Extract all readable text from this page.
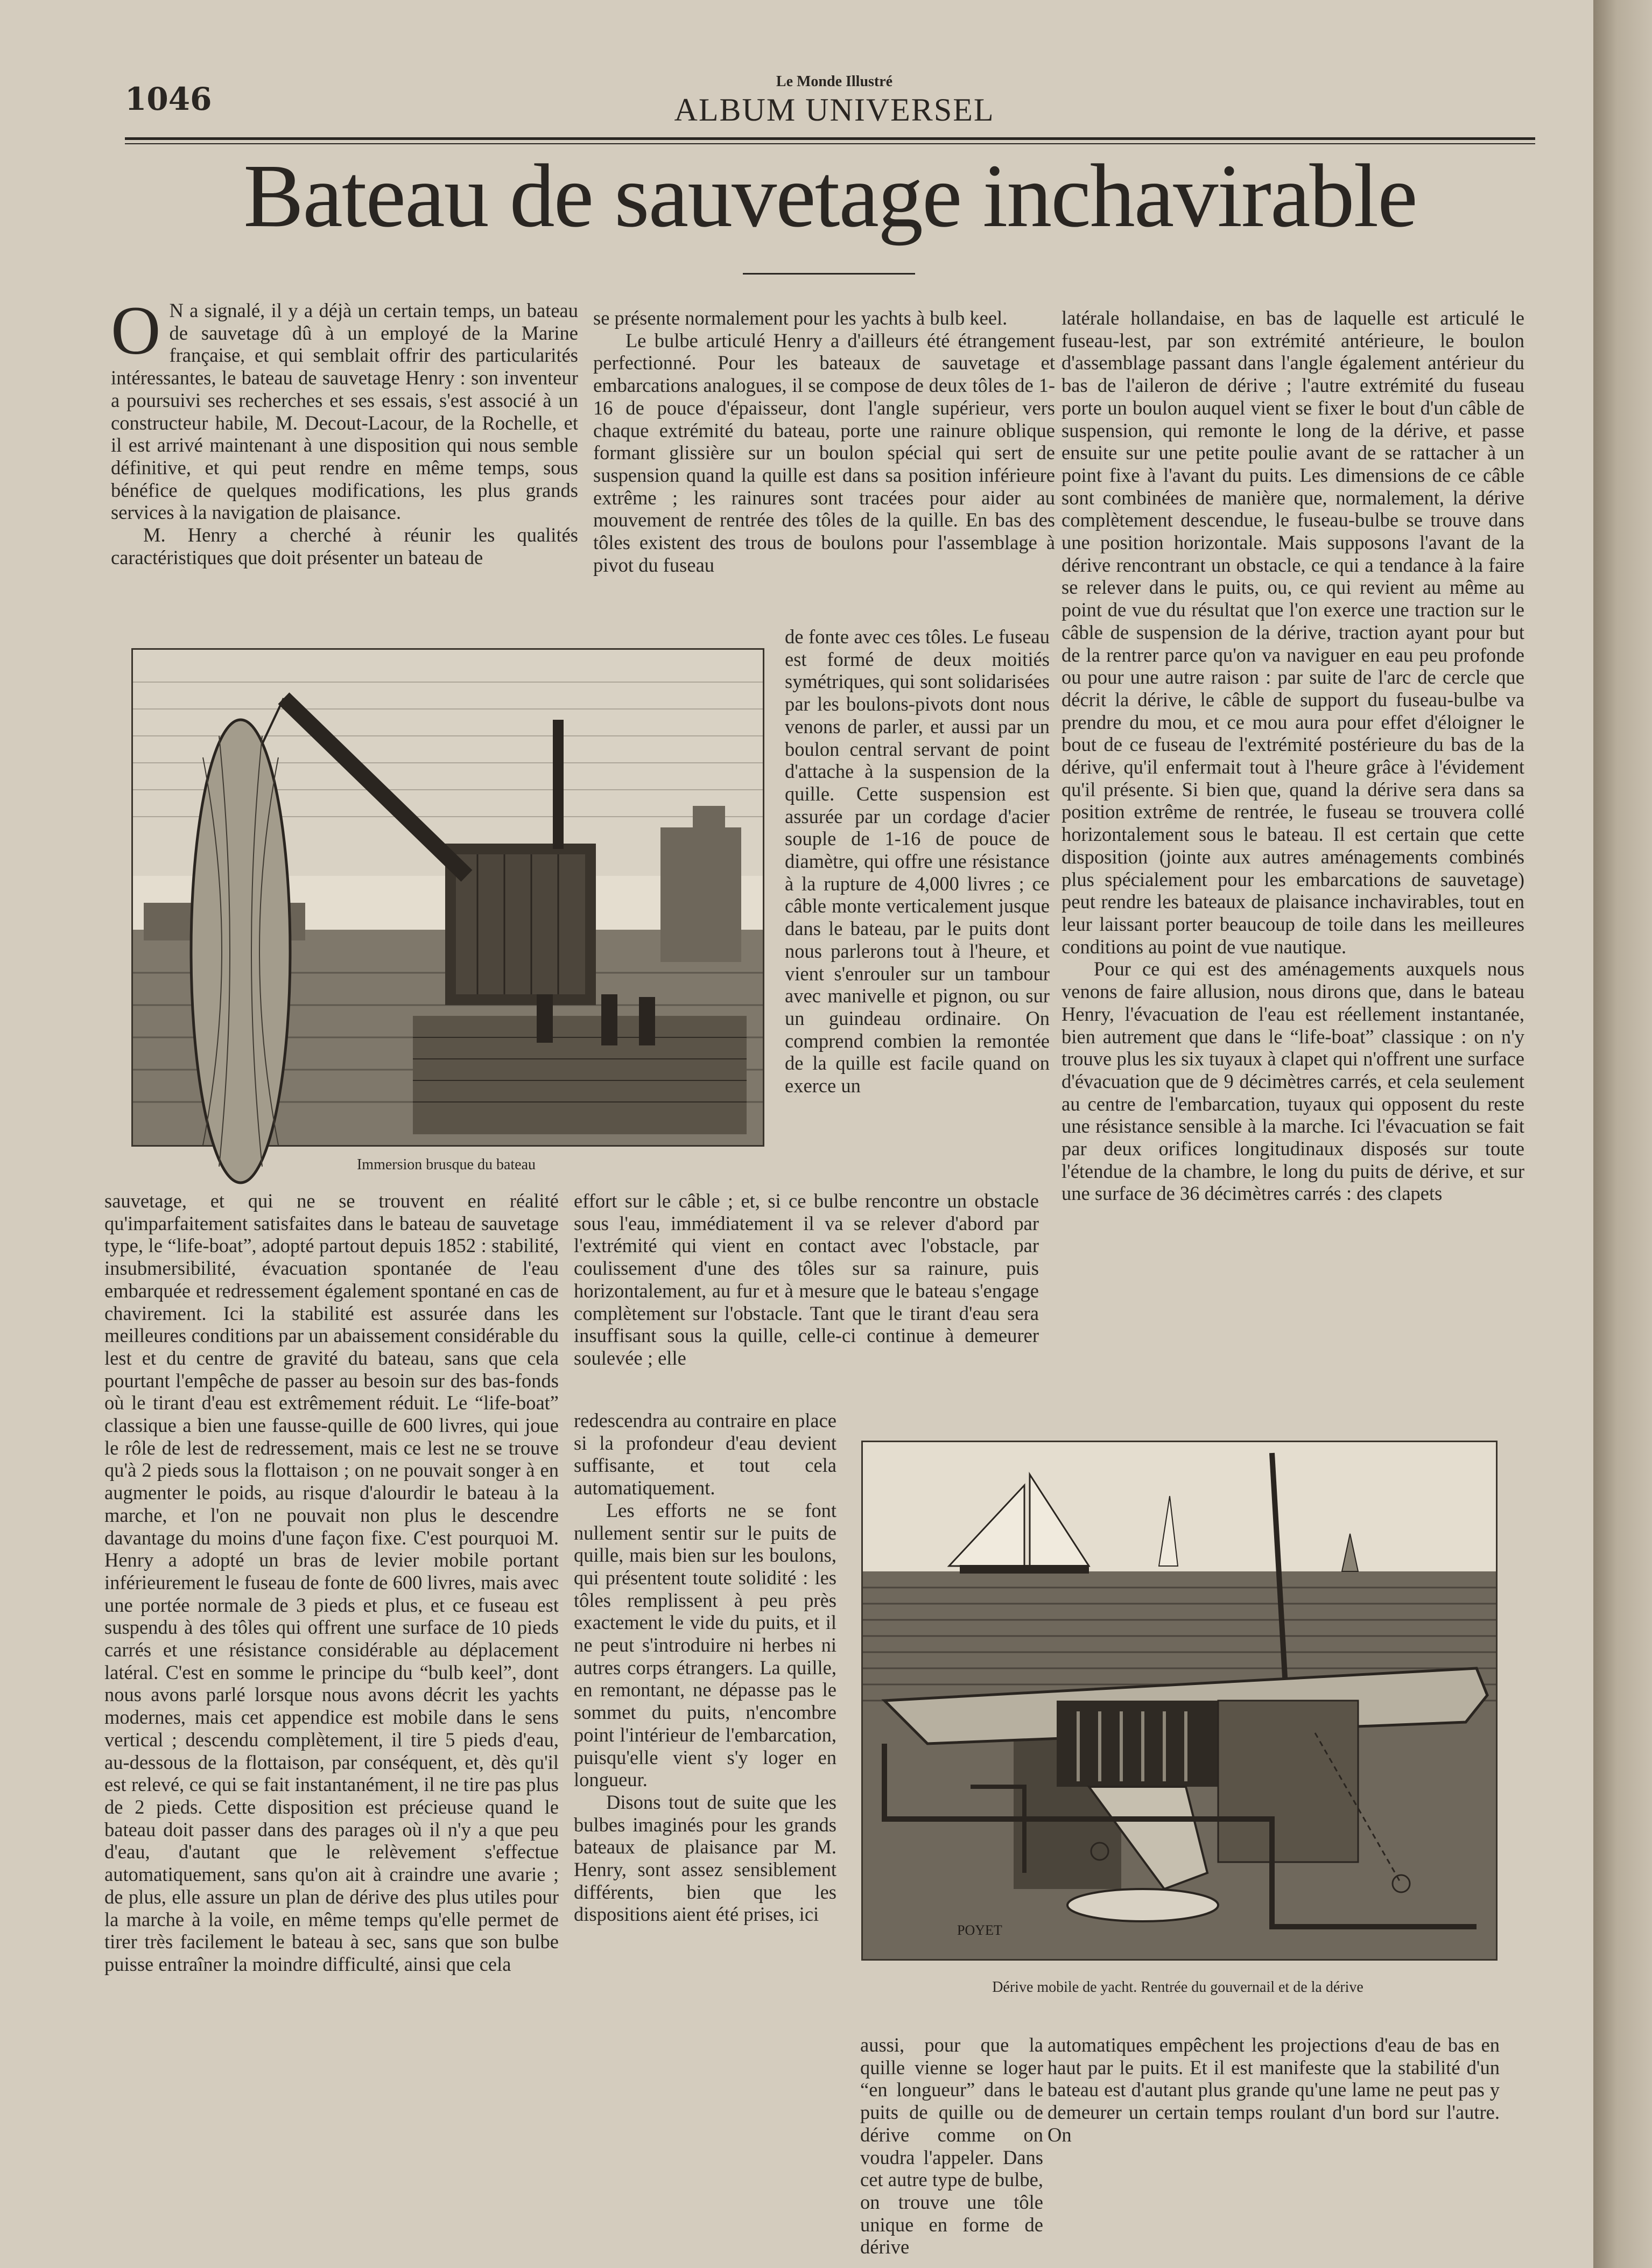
1046	Le Monde Illustré
ALBUM UNIVERSEL
Bateau de sauvetage inchavirable
O N a signalé, il y a déjà un certain temps, un bateau de sauvetage dû à un employé de la Marine française, et qui semblait offrir des particularités intéressantes, le bateau de sauvetage Henry : son inventeur a poursuivi ses recherches et ses essais, s'est associé à un constructeur habile, M. Decout-Lacour, de la Rochelle, et il est arrivé maintenant à une disposition qui nous semble définitive, et qui peut rendre en même temps, sous bénéfice de quelques modifications, les plus grands services à la navigation de plaisance.

M. Henry a cherché à réunir les qualités caractéristiques que doit présenter un bateau de

se présente normalement pour les yachts à bulb keel.

Le bulbe articulé Henry a d'ailleurs été étrangement perfectionné. Pour les bateaux de sauvetage et embarcations analogues, il se compose de deux tôles de 1-16 de pouce d'épaisseur, dont l'angle supérieur, vers chaque extrémité du bateau, porte une rainure oblique formant glissière sur un boulon spécial qui sert de suspension quand la quille est dans sa position inférieure extrême ; les rainures sont tracées pour aider au mouvement de rentrée des tôles de la quille. En bas des tôles existent des trous de boulons pour l'assemblage à pivot du fuseau

Immersion brusque du bateau

de fonte avec ces tôles. Le fuseau est formé de deux moitiés symétriques, qui sont solidarisées par les boulons-pivots dont nous venons de parler, et aussi par un boulon central servant de point d'attache à la suspension de la quille. Cette suspension est assurée par un cordage d'acier souple de 1-16 de pouce de diamètre, qui offre une résistance à la rupture de 4,000 livres ; ce câble monte verticalement jusque dans le bateau, par le puits dont nous parlerons tout à l'heure, et vient s'enrouler sur un tambour avec manivelle et pignon, ou sur un guindeau ordinaire. On comprend combien la remontée de la quille est facile quand on exerce un

latérale hollandaise, en bas de laquelle est articulé le fuseau-lest, par son extrémité antérieure, le boulon d'assemblage passant dans l'angle également antérieur du bas de l'aileron de dérive ; l'autre extrémité du fuseau porte un boulon auquel vient se fixer le bout d'un câble de suspension, qui remonte le long de la dérive, et passe ensuite sur une petite poulie avant de se rattacher à un point fixe à l'avant du puits. Les dimensions de ce câble sont combinées de manière que, normalement, la dérive complètement descendue, le fuseau-bulbe se trouve dans une position horizontale. Mais supposons l'avant de la dérive rencontrant un obstacle, ce qui a tendance à la faire se relever dans le puits, ou, ce qui revient au même au point de vue du résultat que l'on exerce une traction sur le câble de suspension de la dérive, traction ayant pour but de la rentrer parce qu'on va naviguer en eau peu profonde ou pour une autre raison : par suite de l'arc de cercle que décrit la dérive, le câble de support du fuseau-bulbe va prendre du mou, et ce mou aura pour effet d'éloigner le bout de ce fuseau de l'extrémité postérieure du bas de la dérive, qu'il enfermait tout à l'heure grâce à l'évidement qu'il présente. Si bien que, quand la dérive sera dans sa position extrême de rentrée, le fuseau se trouvera collé horizontalement sous le bateau. Il est certain que cette disposition (jointe aux autres aménagements combinés plus spécialement pour les embarcations de sauvetage) peut rendre les bateaux de plaisance inchavirables, tout en leur laissant porter beaucoup de toile dans les meilleures conditions au point de vue nautique.

Pour ce qui est des aménagements auxquels nous venons de faire allusion, nous dirons que, dans le bateau Henry, l'évacuation de l'eau est réellement instantanée, bien autrement que dans le “life-boat” classique : on n'y trouve plus les six tuyaux à clapet qui n'offrent une surface d'évacuation que de 9 décimètres carrés, et cela seulement au centre de l'embarcation, tuyaux qui opposent du reste une résistance sensible à la marche. Ici l'évacuation se fait par deux orifices longitudinaux disposés sur toute l'étendue de la chambre, le long du puits de dérive, et sur une surface de 36 décimètres carrés : des clapets

sauvetage, et qui ne se trouvent en réalité qu'imparfaitement satisfaites dans le bateau de sauvetage type, le “life-boat”, adopté partout depuis 1852 : stabilité, insubmersibilité, évacuation spontanée de l'eau embarquée et redressement également spontané en cas de chavirement. Ici la stabilité est assurée dans les meilleures conditions par un abaissement considérable du lest et du centre de gravité du bateau, sans que cela pourtant l'empêche de passer au besoin sur des bas-fonds où le tirant d'eau est extrêmement réduit. Le “life-boat” classique a bien une fausse-quille de 600 livres, qui joue le rôle de lest de redressement, mais ce lest ne se trouve qu'à 2 pieds sous la flottaison ; on ne pouvait songer à en augmenter le poids, au risque d'alourdir le bateau à la marche, et l'on ne pouvait non plus le descendre davantage du moins d'une façon fixe. C'est pourquoi M. Henry a adopté un bras de levier mobile portant inférieurement le fuseau de fonte de 600 livres, mais avec une portée normale de 3 pieds et plus, et ce fuseau est suspendu à des tôles qui offrent une surface de 10 pieds carrés et une résistance considérable au déplacement latéral. C'est en somme le principe du “bulb keel”, dont nous avons parlé lorsque nous avons décrit les yachts modernes, mais cet appendice est mobile dans le sens vertical ; descendu complètement, il tire 5 pieds d'eau, au-dessous de la flottaison, par conséquent, et, dès qu'il est relevé, ce qui se fait instantanément, il ne tire pas plus de 2 pieds. Cette disposition est précieuse quand le bateau doit passer dans des parages où il n'y a que peu d'eau, d'autant que le relèvement s'effectue automatiquement, sans qu'on ait à craindre une avarie ; de plus, elle assure un plan de dérive des plus utiles pour la marche à la voile, en même temps qu'elle permet de tirer très facilement le bateau à sec, sans que son bulbe puisse entraîner la moindre difficulté, ainsi que cela

effort sur le câble ; et, si ce bulbe rencontre un obstacle sous l'eau, immédiatement il va se relever d'abord par l'extrémité qui vient en contact avec l'obstacle, par coulissement d'une des tôles sur sa rainure, puis horizontalement, au fur et à mesure que le bateau s'engage complètement sur l'obstacle. Tant que le tirant d'eau sera insuffisant sous la quille, celle-ci continue à demeurer soulevée ; elle

redescendra au contraire en place si la profondeur d'eau devient suffisante, et tout cela automatiquement.

Les efforts ne se font nullement sentir sur le puits de quille, mais bien sur les boulons, qui présentent toute solidité : les tôles remplissent à peu près exactement le vide du puits, et il ne peut s'introduire ni herbes ni autres corps étrangers. La quille, en remontant, ne dépasse pas le sommet du puits, n'encombre point l'intérieur de l'embarcation, puisqu'elle vient s'y loger en longueur.

Disons tout de suite que les bulbes imaginés pour les grands bateaux de plaisance par M. Henry, sont assez sensiblement différents, bien que les dispositions aient été prises, ici

POYET
Dérive mobile de yacht. Rentrée du gouvernail et de la dérive

aussi, pour que la quille vienne se loger “en longueur” dans le puits de quille ou de dérive comme on voudra l'appeler. Dans cet autre type de bulbe, on trouve une tôle unique en forme de dérive

automatiques empêchent les projections d'eau de bas en haut par le puits. Et il est manifeste que la stabilité d'un bateau est d'autant plus grande qu'une lame ne peut pas y demeurer un certain temps roulant d'un bord sur l'autre. On
